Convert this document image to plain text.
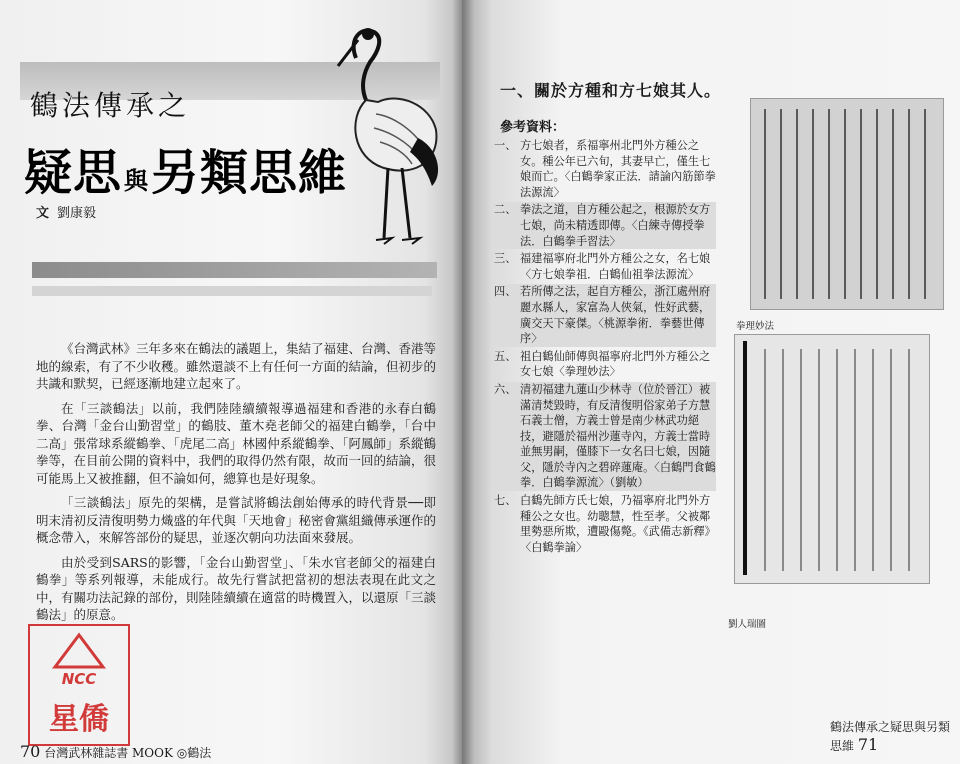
鶴法傳承之
疑思與另類思維
文 劉康毅

《台灣武林》三年多來在鶴法的議題上，集結了福建、台灣、香港等地的線索，有了不少收穫。雖然還談不上有任何一方面的結論，但初步的共識和默契，已經逐漸地建立起來了。

在「三談鶴法」以前，我們陸陸續續報導過福建和香港的永春白鶴拳、台灣「金台山勤習堂」的鶴肢、董木堯老師父的福建白鶴拳，「台中二高」張常球系縱鶴拳、「虎尾二高」林國仲系縱鶴拳、「阿鳳師」系縱鶴拳等，在目前公開的資料中，我們的取得仍然有限，故而一回的結論，很可能馬上又被推翻，但不論如何，總算也是好現象。

「三談鶴法」原先的架構，是嘗試將鶴法創始傳承的時代背景──即明末清初反清復明勢力熾盛的年代與「天地會」秘密會黨組織傳承運作的概念帶入，來解答部份的疑思，並逐次朝向功法面來發展。

由於受到SARS的影響，「金台山勤習堂」、「朱水官老師父的福建白鶴拳」等系列報導，未能成行。故先行嘗試把當初的想法表現在此文之中，有關功法記錄的部份，則陸陸續續在適當的時機置入，以還原「三談鶴法」的原意。

NCC
星僑
70 台灣武林雜誌書 MOOK ◎鶴法
一、關於方種和方七娘其人。
參考資料：
一、 方七娘者，系福寧州北門外方種公之女。種公年已六旬，其妻早亡，僅生七娘而亡。〈白鶴拳家正法．請論內筋節拳法源流〉
二、 拳法之道，自方種公起之，根源於女方七娘，尚未精透即傳。〈白練寺傳授拳法．白鶴拳手習法〉
三、 福建福寧府北門外方種公之女，名七娘〈方七娘拳祖．白鶴仙祖拳法源流〉
四、 若所傳之法，起自方種公，浙江處州府麗水縣人，家富為人俠氣，性好武藝，廣交天下豪傑。〈桃源拳術．拳藝世傳序〉
五、 祖白鶴仙師傳與福寧府北門外方種公之女七娘〈拳理妙法〉
六、 清初福建九蓮山少林寺（位於晉江）被滿清焚毀時，有反清復明俗家弟子方慧石義士僧，方義士曾是南少林武功絕技，避隱於福州沙蓮寺內，方義士當時並無男嗣，僅膝下一女名曰七娘，因隨父，隱於寺內之碧碎蓮庵。〈白鶴門食鶴拳．白鶴拳源流〉（劉敏）
七、 白鶴先師方氏七娘，乃福寧府北門外方種公之女也。幼聰慧，性至孝。父被鄰里勢惡所欺，遭毆傷斃。《武備志新釋》〈白鶴拳論〉
拳理妙法
劉人瑞圖
鶴法傳承之疑思與另類思維 71
